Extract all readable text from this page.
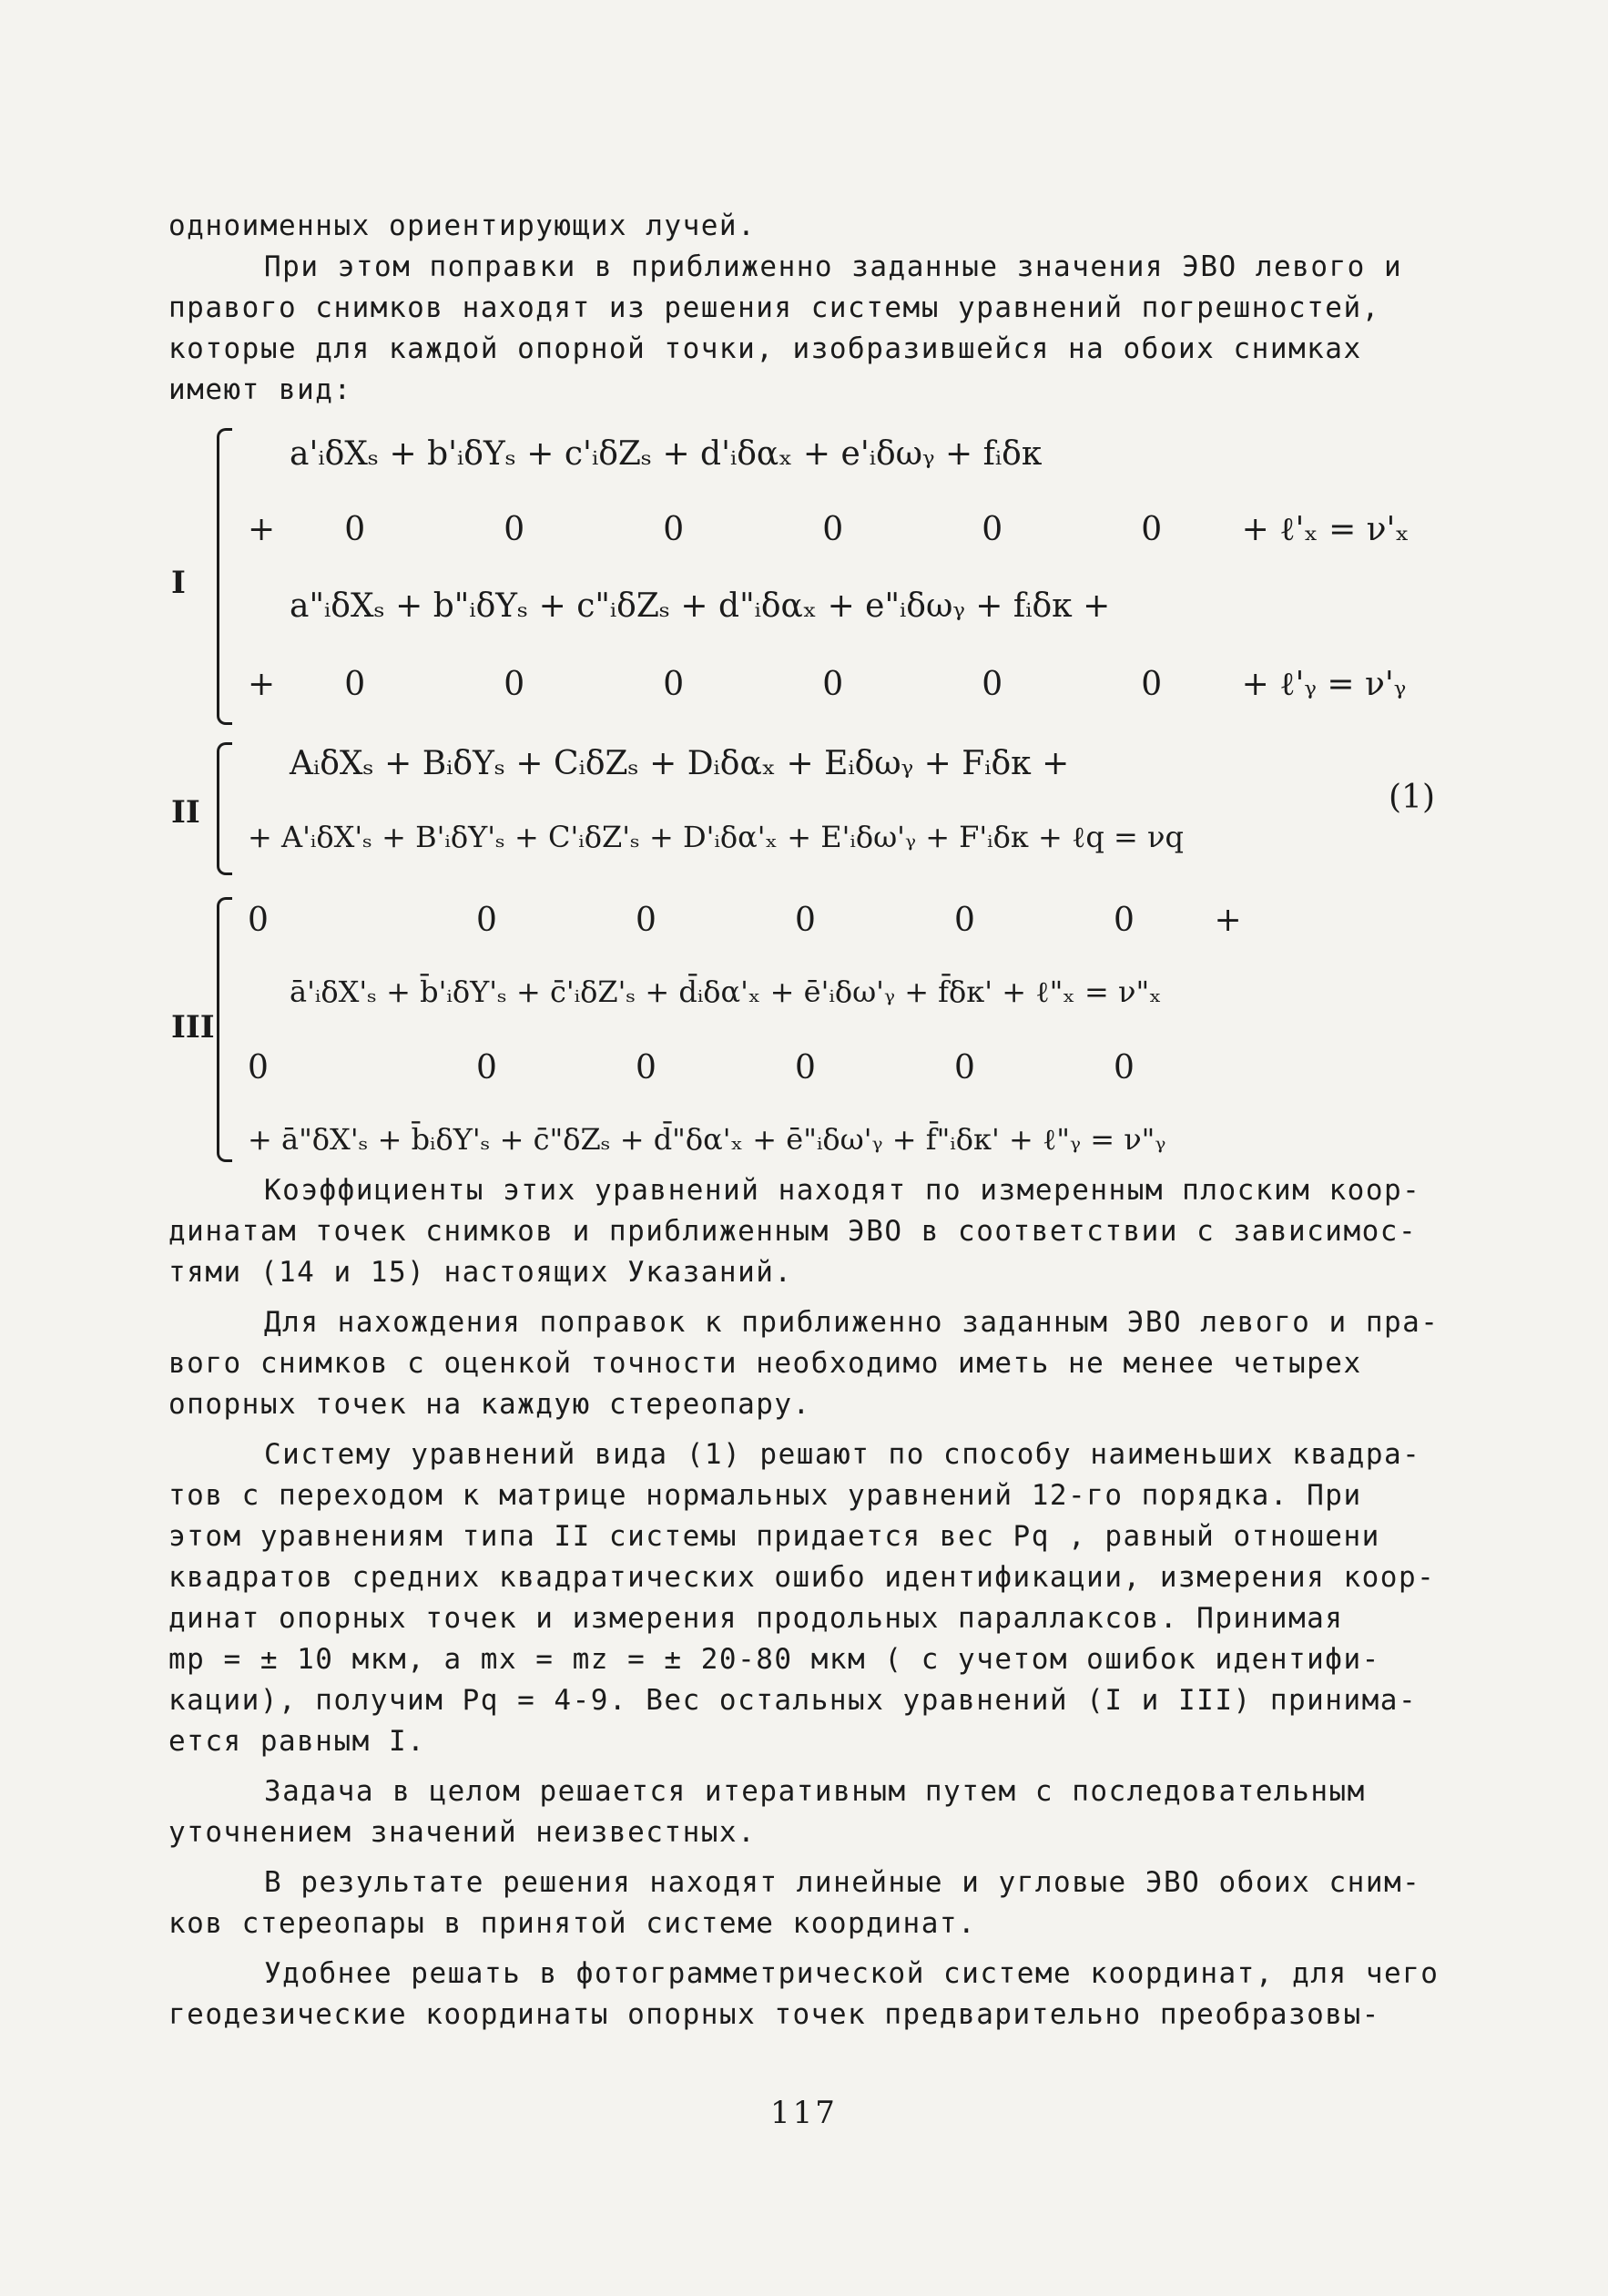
одноименных ориентирующих лучей.
При этом поправки в приближенно заданные значения ЭВО левого и
правого снимков находят из решения системы уравнений погрешностей,
которые для каждой опорной точки, изобразившейся на обоих снимках
имеют вид:
I
a'ᵢδXₛ + b'ᵢδYₛ + c'ᵢδZₛ + d'ᵢδαₓ + e'ᵢδωᵧ + fᵢδκ
+ 0	0	0	0	0	0 + ℓ'ₓ = ν'ₓ
a"ᵢδXₛ + b"ᵢδYₛ + c"ᵢδZₛ + d"ᵢδαₓ + e"ᵢδωᵧ + fᵢδκ +
+ 0	0	0	0	0	0 + ℓ'ᵧ = ν'ᵧ
II
AᵢδXₛ + BᵢδYₛ + CᵢδZₛ + Dᵢδαₓ + Eᵢδωᵧ + Fᵢδκ +
+ A'ᵢδX'ₛ + B'ᵢδY'ₛ + C'ᵢδZ'ₛ + D'ᵢδα'ₓ + E'ᵢδω'ᵧ + F'ᵢδκ + ℓq = νq
(1)
III
0	0	0	0	0	0 +
ā'ᵢδX'ₛ + b̄'ᵢδY'ₛ + c̄'ᵢδZ'ₛ + d̄ᵢδα'ₓ + ē'ᵢδω'ᵧ + f̄δκ' + ℓ"ₓ = ν"ₓ
0	0	0	0	0	0
+ ā"δX'ₛ + b̄ᵢδY'ₛ + c̄"δZₛ + d̄"δα'ₓ + ē"ᵢδω'ᵧ + f̄"ᵢδκ' + ℓ"ᵧ = ν"ᵧ
Коэффициенты этих уравнений находят по измеренным плоским коор-
динатам точек снимков и приближенным ЭВО в соответствии с зависимос-
тями (14 и 15) настоящих Указаний.
Для нахождения поправок к приближенно заданным ЭВО левого и пра-
вого снимков с оценкой точности необходимо иметь не менее четырех
опорных точек на каждую стереопару.
Систему уравнений вида (1) решают по способу наименьших квадра-
тов с переходом к матрице нормальных уравнений 12-го порядка. При
этом уравнениям типа II системы придается вес Pq , равный отношени
квадратов средних квадратических ошибо идентификации, измерения коор-
динат опорных точек и измерения продольных параллаксов. Принимая
mp = ± 10 мкм, а mx = mz = ± 20-80 мкм ( с учетом ошибок идентифи-
кации), получим Pq = 4-9. Вес остальных уравнений (I и III) принима-
ется равным I.
Задача в целом решается итеративным путем с последовательным
уточнением значений неизвестных.
В результате решения находят линейные и угловые ЭВО обоих сним-
ков стереопары в принятой системе координат.
Удобнее решать в фотограмметрической системе координат, для чего
геодезические координаты опорных точек предварительно преобразовы-
117
